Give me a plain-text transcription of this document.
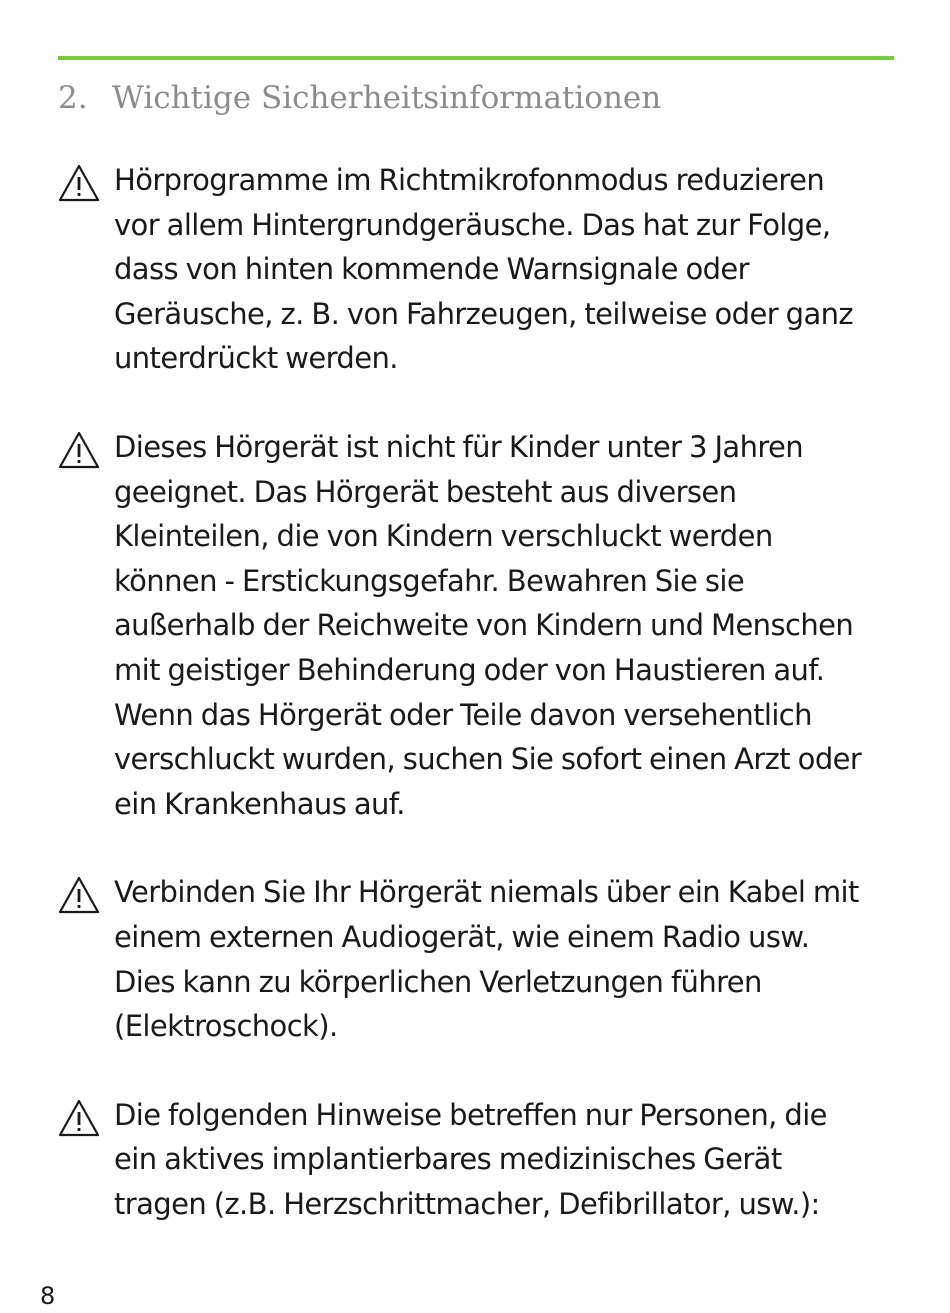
2. Wichtige Sicherheitsinformationen

Hörprogramme im Richtmikrofonmodus reduzieren
vor allem Hintergrundgeräusche. Das hat zur Folge,
dass von hinten kommende Warnsignale oder
Geräusche, z. B. von Fahrzeugen, teilweise oder ganz
unterdrückt werden.

Dieses Hörgerät ist nicht für Kinder unter 3 Jahren
geeignet. Das Hörgerät besteht aus diversen
Kleinteilen, die von Kindern verschluckt werden
können - Erstickungsgefahr. Bewahren Sie sie
außerhalb der Reichweite von Kindern und Menschen
mit geistiger Behinderung oder von Haustieren auf.
Wenn das Hörgerät oder Teile davon versehentlich
verschluckt wurden, suchen Sie sofort einen Arzt oder
ein Krankenhaus auf.

Verbinden Sie Ihr Hörgerät niemals über ein Kabel mit
einem externen Audiogerät, wie einem Radio usw.
Dies kann zu körperlichen Verletzungen führen
(Elektroschock).

Die folgenden Hinweise betreffen nur Personen, die
ein aktives implantierbares medizinisches Gerät
tragen (z.B. Herzschrittmacher, Defibrillator, usw.):

8
